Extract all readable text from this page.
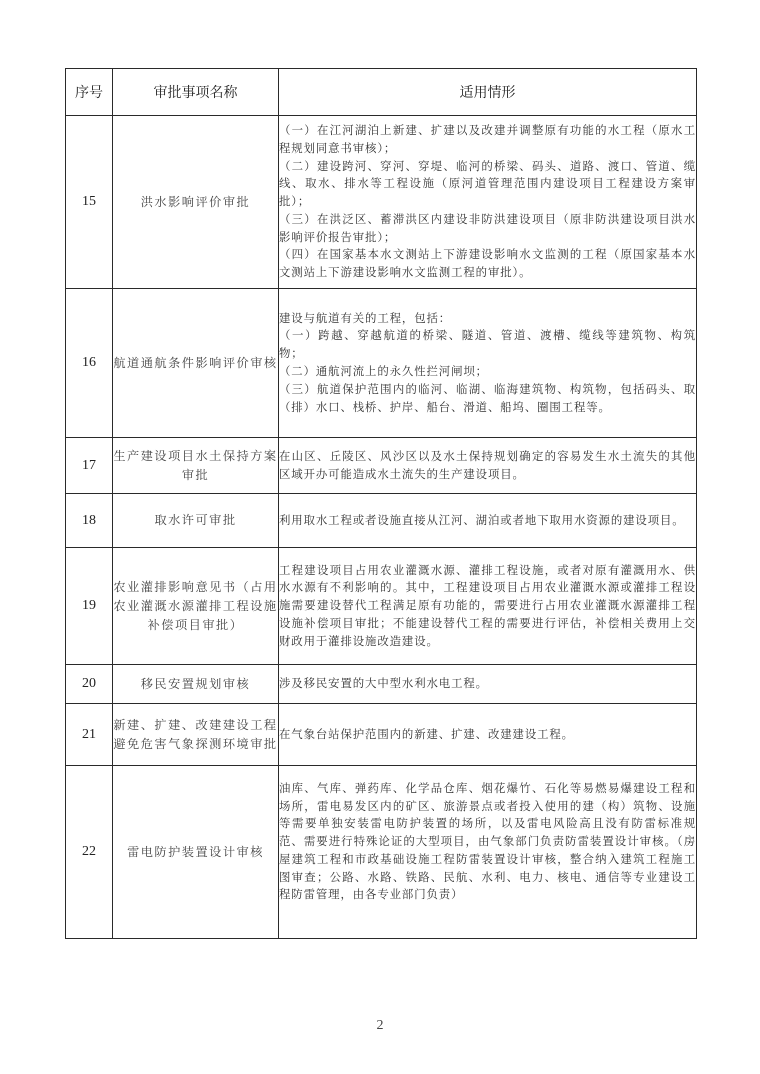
序号	审批事项名称	适用情形
15	洪水影响评价审批	（一）在江河湖泊上新建、扩建以及改建并调整原有功能的水工程（原水工程规划同意书审核）；
（二）建设跨河、穿河、穿堤、临河的桥梁、码头、道路、渡口、管道、缆线、取水、排水等工程设施（原河道管理范围内建设项目工程建设方案审批）；
（三）在洪泛区、蓄滞洪区内建设非防洪建设项目（原非防洪建设项目洪水影响评价报告审批）；
（四）在国家基本水文测站上下游建设影响水文监测的工程（原国家基本水文测站上下游建设影响水文监测工程的审批）。

16	航道通航条件影响评价审核	建设与航道有关的工程，包括：
（一）跨越、穿越航道的桥梁、隧道、管道、渡槽、缆线等建筑物、构筑物；
（二）通航河流上的永久性拦河闸坝；
（三）航道保护范围内的临河、临湖、临海建筑物、构筑物，包括码头、取（排）水口、栈桥、护岸、船台、滑道、船坞、圈围工程等。

17	生产建设项目水土保持方案审批	在山区、丘陵区、风沙区以及水土保持规划确定的容易发生水土流失的其他区域开办可能造成水土流失的生产建设项目。

18	取水许可审批	利用取水工程或者设施直接从江河、湖泊或者地下取用水资源的建设项目。

19	农业灌排影响意见书（占用农业灌溉水源灌排工程设施补偿项目审批）	工程建设项目占用农业灌溉水源、灌排工程设施，或者对原有灌溉用水、供水水源有不利影响的。其中，工程建设项目占用农业灌溉水源或灌排工程设施需要建设替代工程满足原有功能的，需要进行占用农业灌溉水源灌排工程设施补偿项目审批；不能建设替代工程的需要进行评估，补偿相关费用上交财政用于灌排设施改造建设。

20	移民安置规划审核	涉及移民安置的大中型水利水电工程。

21	新建、扩建、改建建设工程避免危害气象探测环境审批	在气象台站保护范围内的新建、扩建、改建建设工程。

22	雷电防护装置设计审核	油库、气库、弹药库、化学品仓库、烟花爆竹、石化等易燃易爆建设工程和场所，雷电易发区内的矿区、旅游景点或者投入使用的建（构）筑物、设施等需要单独安装雷电防护装置的场所，以及雷电风险高且没有防雷标准规范、需要进行特殊论证的大型项目，由气象部门负责防雷装置设计审核。（房屋建筑工程和市政基础设施工程防雷装置设计审核，整合纳入建筑工程施工图审查；公路、水路、铁路、民航、水利、电力、核电、通信等专业建设工程防雷管理，由各专业部门负责）
2
